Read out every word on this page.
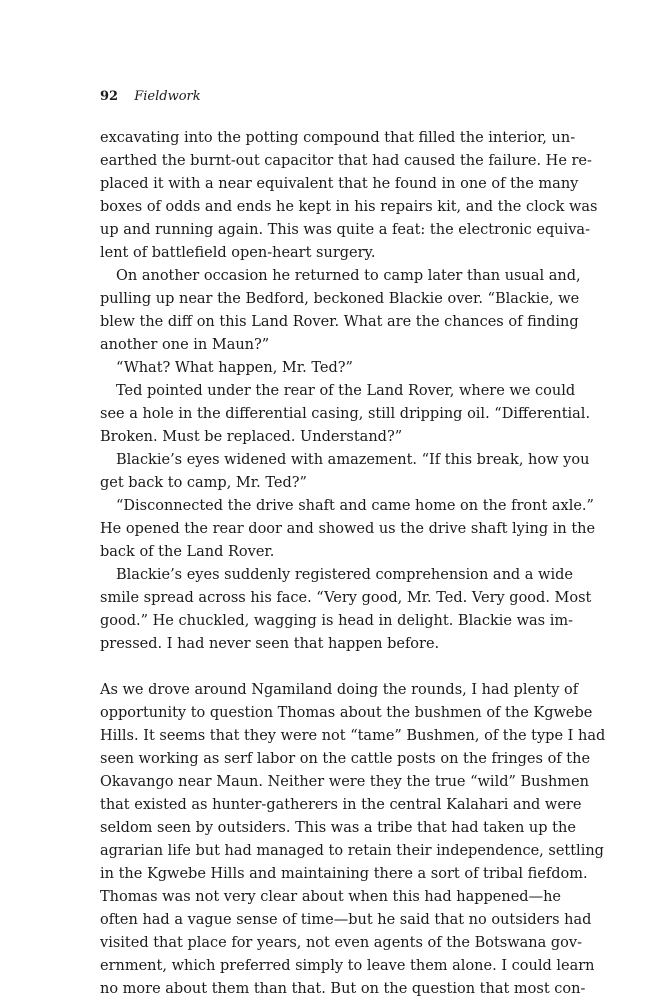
92 Fieldwork
excavating into the potting compound that filled the interior, un-
earthed the burnt-out capacitor that had caused the failure. He re-
placed it with a near equivalent that he found in one of the many
boxes of odds and ends he kept in his repairs kit, and the clock was
up and running again. This was quite a feat: the electronic equiva-
lent of battlefield open-heart surgery.
On another occasion he returned to camp later than usual and,
pulling up near the Bedford, beckoned Blackie over. “Blackie, we
blew the diff on this Land Rover. What are the chances of finding
another one in Maun?”
“What? What happen, Mr. Ted?”
Ted pointed under the rear of the Land Rover, where we could
see a hole in the differential casing, still dripping oil. “Differential.
Broken. Must be replaced. Understand?”
Blackie’s eyes widened with amazement. “If this break, how you
get back to camp, Mr. Ted?”
“Disconnected the drive shaft and came home on the front axle.”
He opened the rear door and showed us the drive shaft lying in the
back of the Land Rover.
Blackie’s eyes suddenly registered comprehension and a wide
smile spread across his face. “Very good, Mr. Ted. Very good. Most
good.” He chuckled, wagging is head in delight. Blackie was im-
pressed. I had never seen that happen before.
As we drove around Ngamiland doing the rounds, I had plenty of
opportunity to question Thomas about the bushmen of the Kgwebe
Hills. It seems that they were not “tame” Bushmen, of the type I had
seen working as serf labor on the cattle posts on the fringes of the
Okavango near Maun. Neither were they the true “wild” Bushmen
that existed as hunter-gatherers in the central Kalahari and were
seldom seen by outsiders. This was a tribe that had taken up the
agrarian life but had managed to retain their independence, settling
in the Kgwebe Hills and maintaining there a sort of tribal fiefdom.
Thomas was not very clear about when this had happened—he
often had a vague sense of time—but he said that no outsiders had
visited that place for years, not even agents of the Botswana gov-
ernment, which preferred simply to leave them alone. I could learn
no more about them than that. But on the question that most con-
